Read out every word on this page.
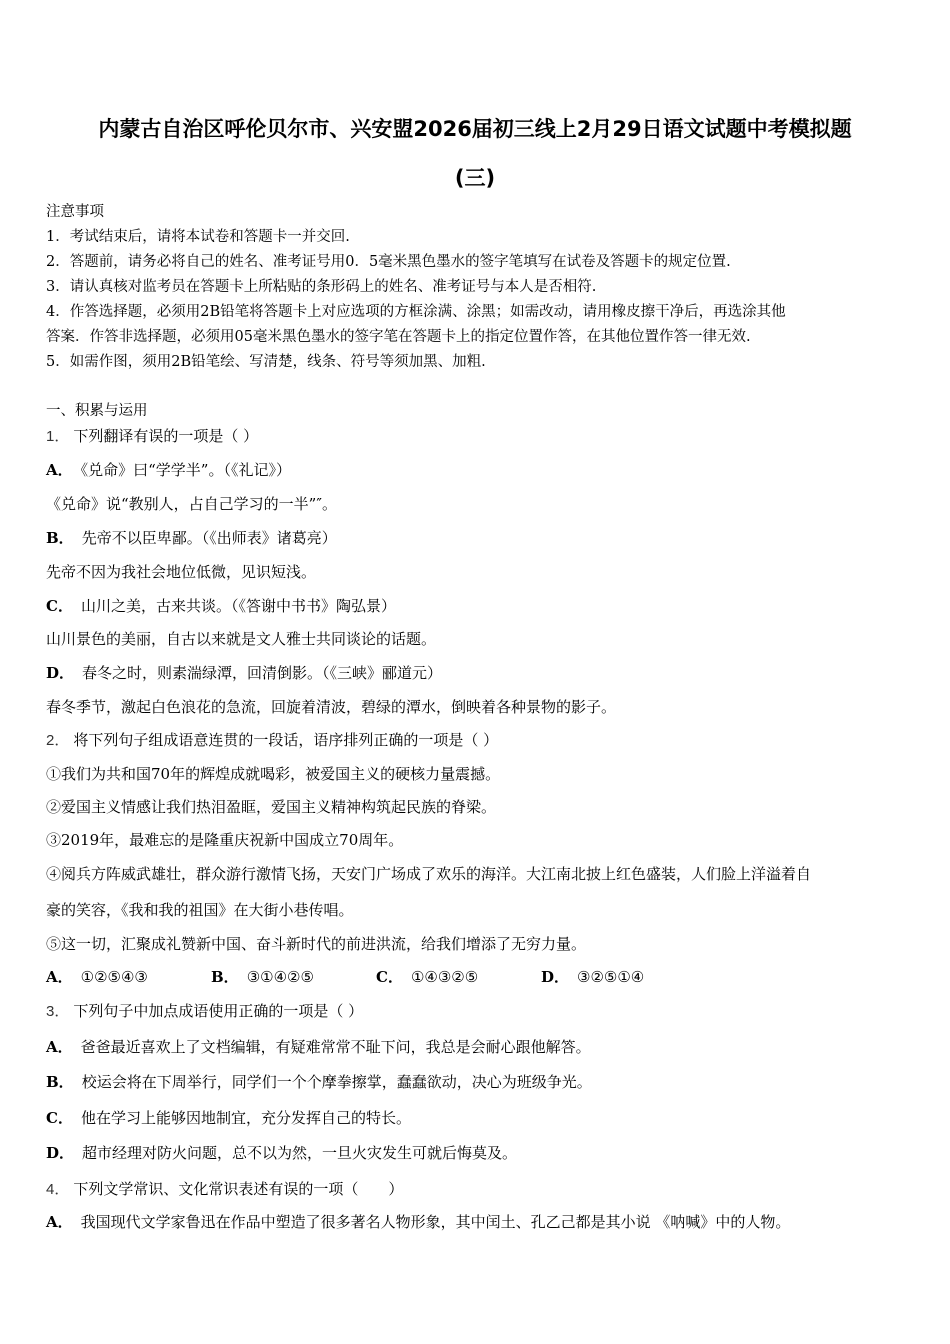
内蒙古自治区呼伦贝尔市、兴安盟2026届初三线上2月29日语文试题中考模拟题
(三)
注意事项
1．考试结束后，请将本试卷和答题卡一并交回.
2．答题前，请务必将自己的姓名、准考证号用0．5毫米黑色墨水的签字笔填写在试卷及答题卡的规定位置.
3．请认真核对监考员在答题卡上所粘贴的条形码上的姓名、准考证号与本人是否相符.
4．作答选择题，必须用2B铅笔将答题卡上对应选项的方框涂满、涂黑；如需改动，请用橡皮擦干净后，再选涂其他
答案．作答非选择题，必须用05毫米黑色墨水的签字笔在答题卡上的指定位置作答，在其他位置作答一律无效.
5．如需作图，须用2B铅笔绘、写清楚，线条、符号等须加黑、加粗.
一、积累与运用
1． 下列翻译有误的一项是（ ）
A． 《兑命》曰“学学半”。（《礼记》）
《兑命》说“教别人，占自己学习的一半”″。
B． 先帝不以臣卑鄙。（《出师表》诸葛亮）
先帝不因为我社会地位低微，见识短浅。
C． 山川之美，古来共谈。（《答谢中书书》陶弘景）
山川景色的美丽，自古以来就是文人雅士共同谈论的话题。
D． 春冬之时，则素湍绿潭，回清倒影。（《三峡》郦道元）
春冬季节，激起白色浪花的急流，回旋着清波，碧绿的潭水，倒映着各种景物的影子。
2． 将下列句子组成语意连贯的一段话，语序排列正确的一项是（ ）
①我们为共和国70年的辉煌成就喝彩，被爱国主义的硬核力量震撼。
②爱国主义情感让我们热泪盈眶，爱国主义精神构筑起民族的脊梁。
③2019年，最难忘的是隆重庆祝新中国成立70周年。
④阅兵方阵威武雄壮，群众游行激情飞扬，天安门广场成了欢乐的海洋。大江南北披上红色盛装，人们脸上洋溢着自
豪的笑容，《我和我的祖国》在大街小巷传唱。
⑤这一切，汇聚成礼赞新中国、奋斗新时代的前进洪流，给我们增添了无穷力量。
A． ①②⑤④③	B． ③①④②⑤	C． ①④③②⑤	D． ③②⑤①④
3． 下列句子中加点成语使用正确的一项是（ ）
A． 爸爸最近喜欢上了文档编辑，有疑难常常不耻下问，我总是会耐心跟他解答。
B． 校运会将在下周举行，同学们一个个摩拳擦掌，蠢蠢欲动，决心为班级争光。
C． 他在学习上能够因地制宜，充分发挥自己的特长。
D． 超市经理对防火问题，总不以为然，一旦火灾发生可就后悔莫及。
4． 下列文学常识、文化常识表述有误的一项（　　）
A． 我国现代文学家鲁迅在作品中塑造了很多著名人物形象，其中闰土、孔乙己都是其小说 《呐喊》中的人物。
